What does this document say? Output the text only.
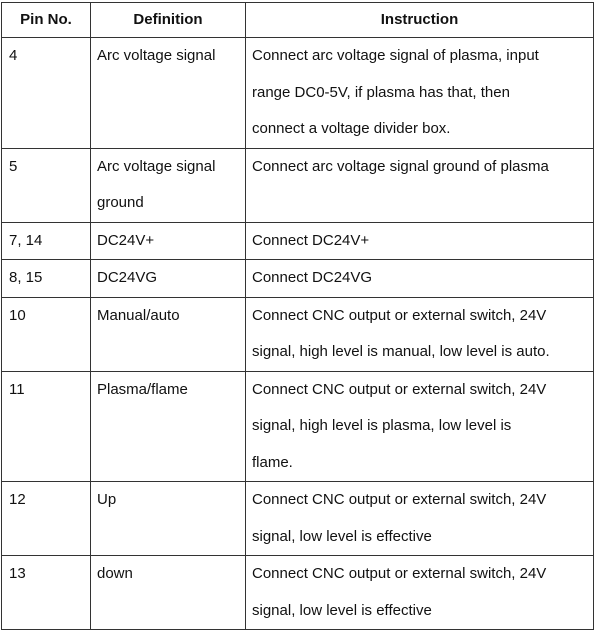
Pin No.	Definition	Instruction
4	Arc voltage signal	Connect arc voltage signal of plasma, input
range DC0-5V, if plasma has that, then
connect a voltage divider box.

5	Arc voltage signal ground	Connect arc voltage signal ground of plasma

7, 14	DC24V+	Connect DC24V+

8, 15	DC24VG	Connect DC24VG

10	Manual/auto	Connect CNC output or external switch, 24V
signal, high level is manual, low level is auto.

11	Plasma/flame	Connect CNC output or external switch, 24V
signal, high level is plasma, low level is
flame.

12	Up	Connect CNC output or external switch, 24V
signal, low level is effective

13	down	Connect CNC output or external switch, 24V
signal, low level is effective
